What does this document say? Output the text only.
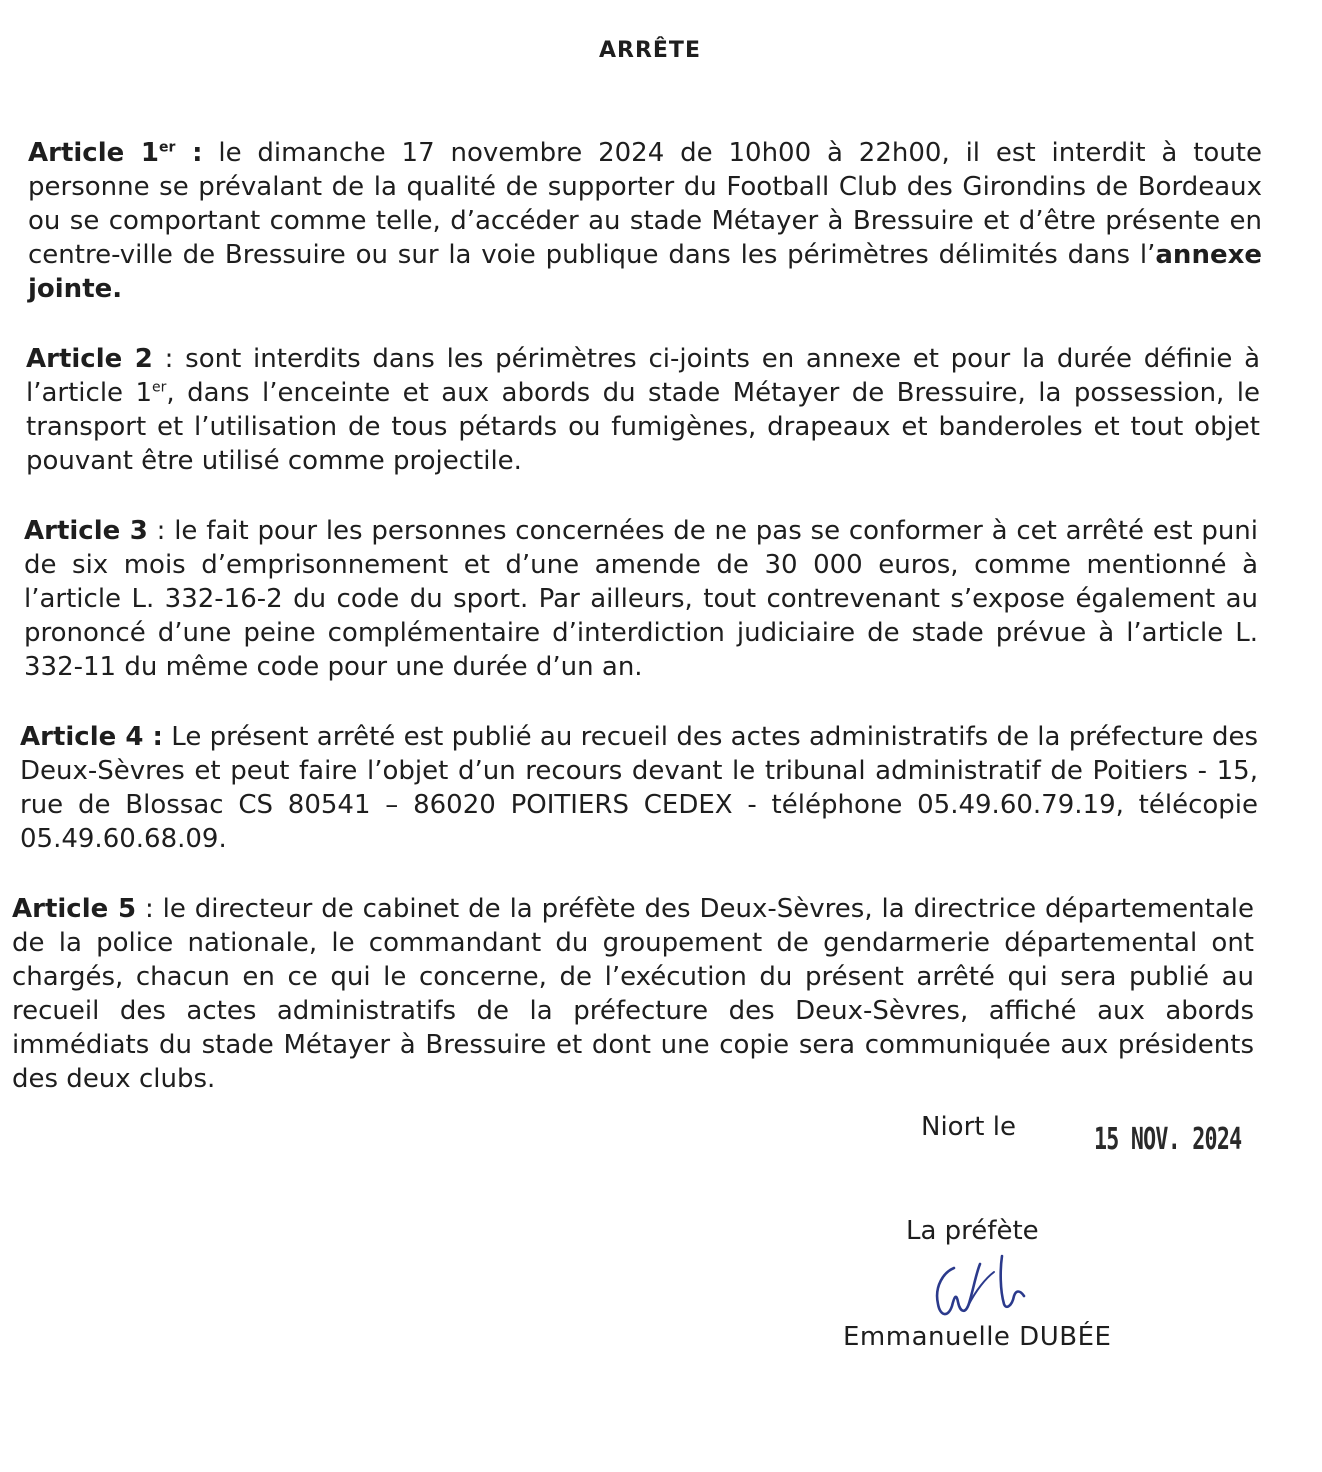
ARRÊTE
Article 1er : le dimanche 17 novembre 2024 de 10h00 à 22h00, il est interdit à toute personne se prévalant de la qualité de supporter du Football Club des Girondins de Bordeaux ou se comportant comme telle, d’accéder au stade Métayer à Bressuire et d’être présente en centre-ville de Bressuire ou sur la voie publique dans les périmètres délimités dans l’annexe jointe.
Article 2 : sont interdits dans les périmètres ci-joints en annexe et pour la durée définie à l’article 1er, dans l’enceinte et aux abords du stade Métayer de Bressuire, la possession, le transport et l’utilisation de tous pétards ou fumigènes, drapeaux et banderoles et tout objet pouvant être utilisé comme projectile.
Article 3 : le fait pour les personnes concernées de ne pas se conformer à cet arrêté est puni de six mois d’emprisonnement et d’une amende de 30 000 euros, comme mentionné à l’article L. 332-16-2 du code du sport. Par ailleurs, tout contrevenant s’expose également au prononcé d’une peine complémentaire d’interdiction judiciaire de stade prévue à l’article L. 332-11 du même code pour une durée d’un an.
Article 4 : Le présent arrêté est publié au recueil des actes administratifs de la préfecture des Deux-Sèvres et peut faire l’objet d’un recours devant le tribunal administratif de Poitiers - 15, rue de Blossac CS 80541 – 86020 POITIERS CEDEX - téléphone 05.49.60.79.19, télécopie 05.49.60.68.09.
Article 5 : le directeur de cabinet de la préfète des Deux-Sèvres, la directrice départementale de la police nationale, le commandant du groupement de gendarmerie départemental ont chargés, chacun en ce qui le concerne, de l’exécution du présent arrêté qui sera publié au recueil des actes administratifs de la préfecture des Deux-Sèvres, affiché aux abords immédiats du stade Métayer à Bressuire et dont une copie sera communiquée aux présidents des deux clubs.
Niort le	15 NOV. 2024
La préfète
Emmanuelle DUBÉE
